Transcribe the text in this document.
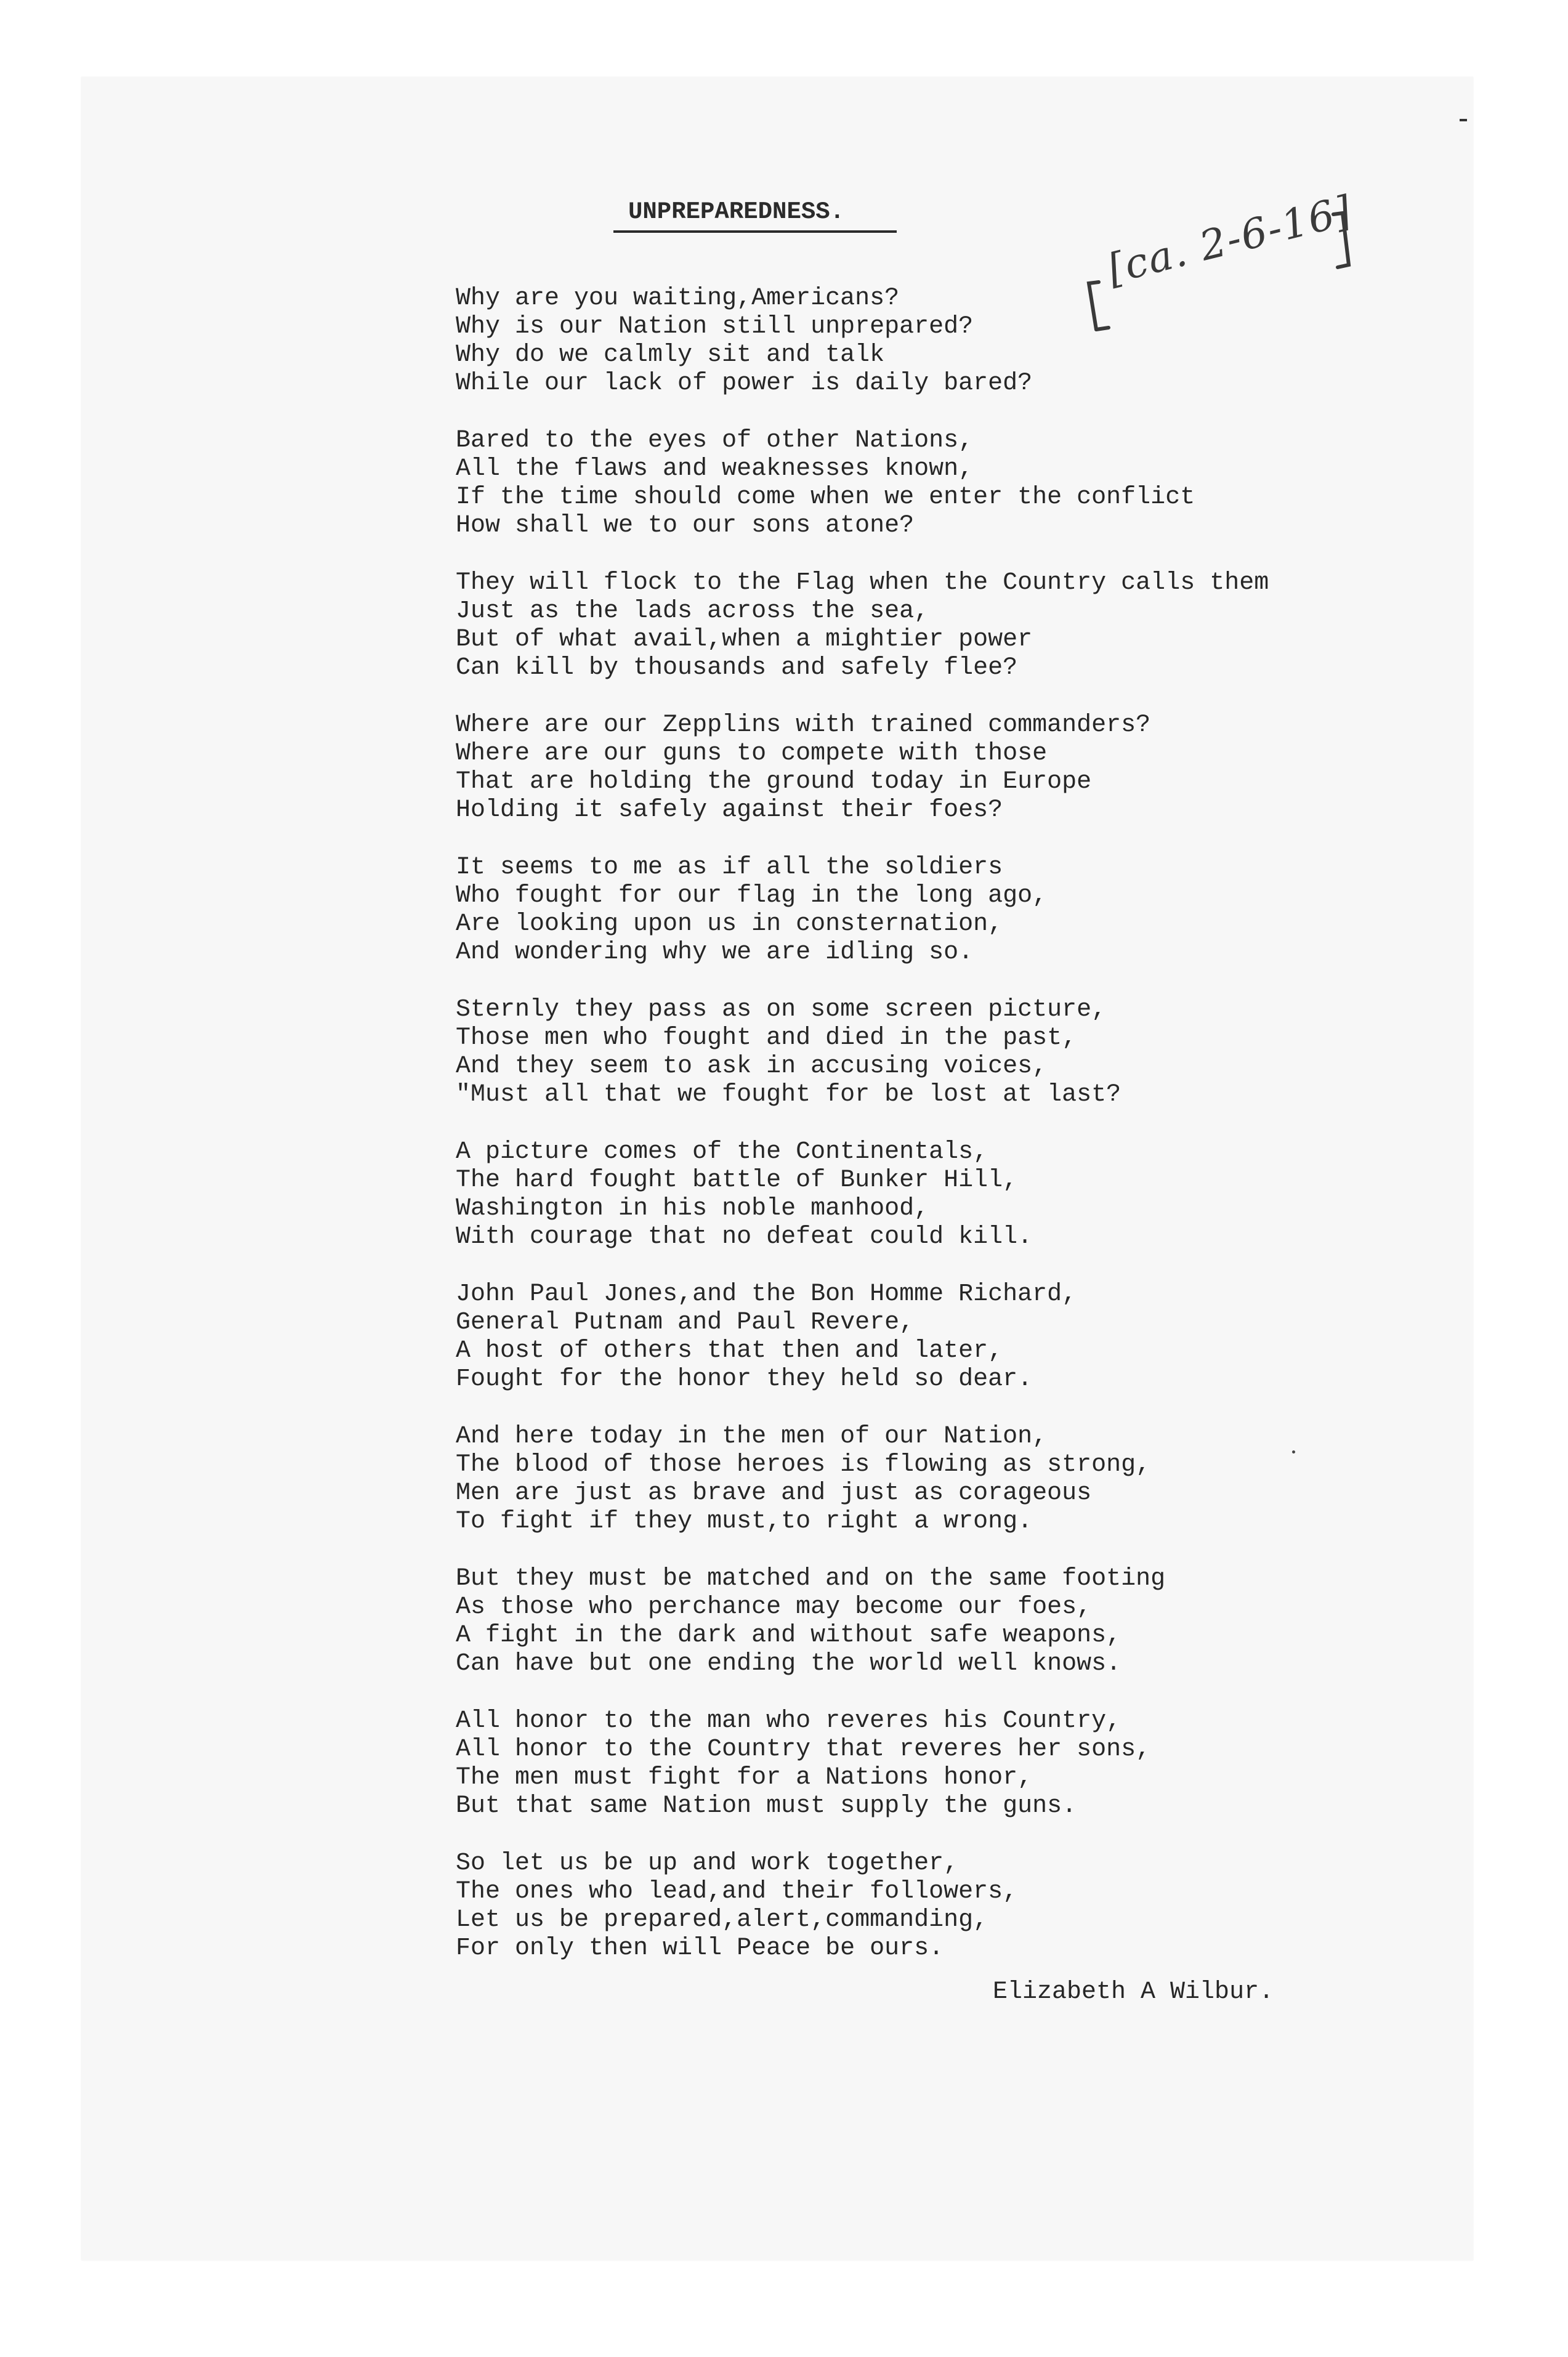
UNPREPAREDNESS.	[ca. 2-6-16]
Why are you waiting,Americans?
Why is our Nation still unprepared?
Why do we calmly sit and talk
While our lack of power is daily bared?
Bared to the eyes of other Nations,
All the flaws and weaknesses known,
If the time should come when we enter the conflict
How shall we to our sons atone?
They will flock to the Flag when the Country calls them
Just as the lads across the sea,
But of what avail,when a mightier power
Can kill by thousands and safely flee?
Where are our Zepplins with trained commanders?
Where are our guns to compete with those
That are holding the ground today in Europe
Holding it safely against their foes?
It seems to me as if all the soldiers
Who fought for our flag in the long ago,
Are looking upon us in consternation,
And wondering why we are idling so.
Sternly they pass as on some screen picture,
Those men who fought and died in the past,
And they seem to ask in accusing voices,
"Must all that we fought for be lost at last?
A picture comes of the Continentals,
The hard fought battle of Bunker Hill,
Washington in his noble manhood,
With courage that no defeat could kill.
John Paul Jones,and the Bon Homme Richard,
General Putnam and Paul Revere,
A host of others that then and later,
Fought for the honor they held so dear.
And here today in the men of our Nation,
The blood of those heroes is flowing as strong,
Men are just as brave and just as corageous
To fight if they must,to right a wrong.
But they must be matched and on the same footing
As those who perchance may become our foes,
A fight in the dark and without safe weapons,
Can have but one ending the world well knows.
All honor to the man who reveres his Country,
All honor to the Country that reveres her sons,
The men must fight for a Nations honor,
But that same Nation must supply the guns.
So let us be up and work together,
The ones who lead,and their followers,
Let us be prepared,alert,commanding,
For only then will Peace be ours.
Elizabeth A Wilbur.
